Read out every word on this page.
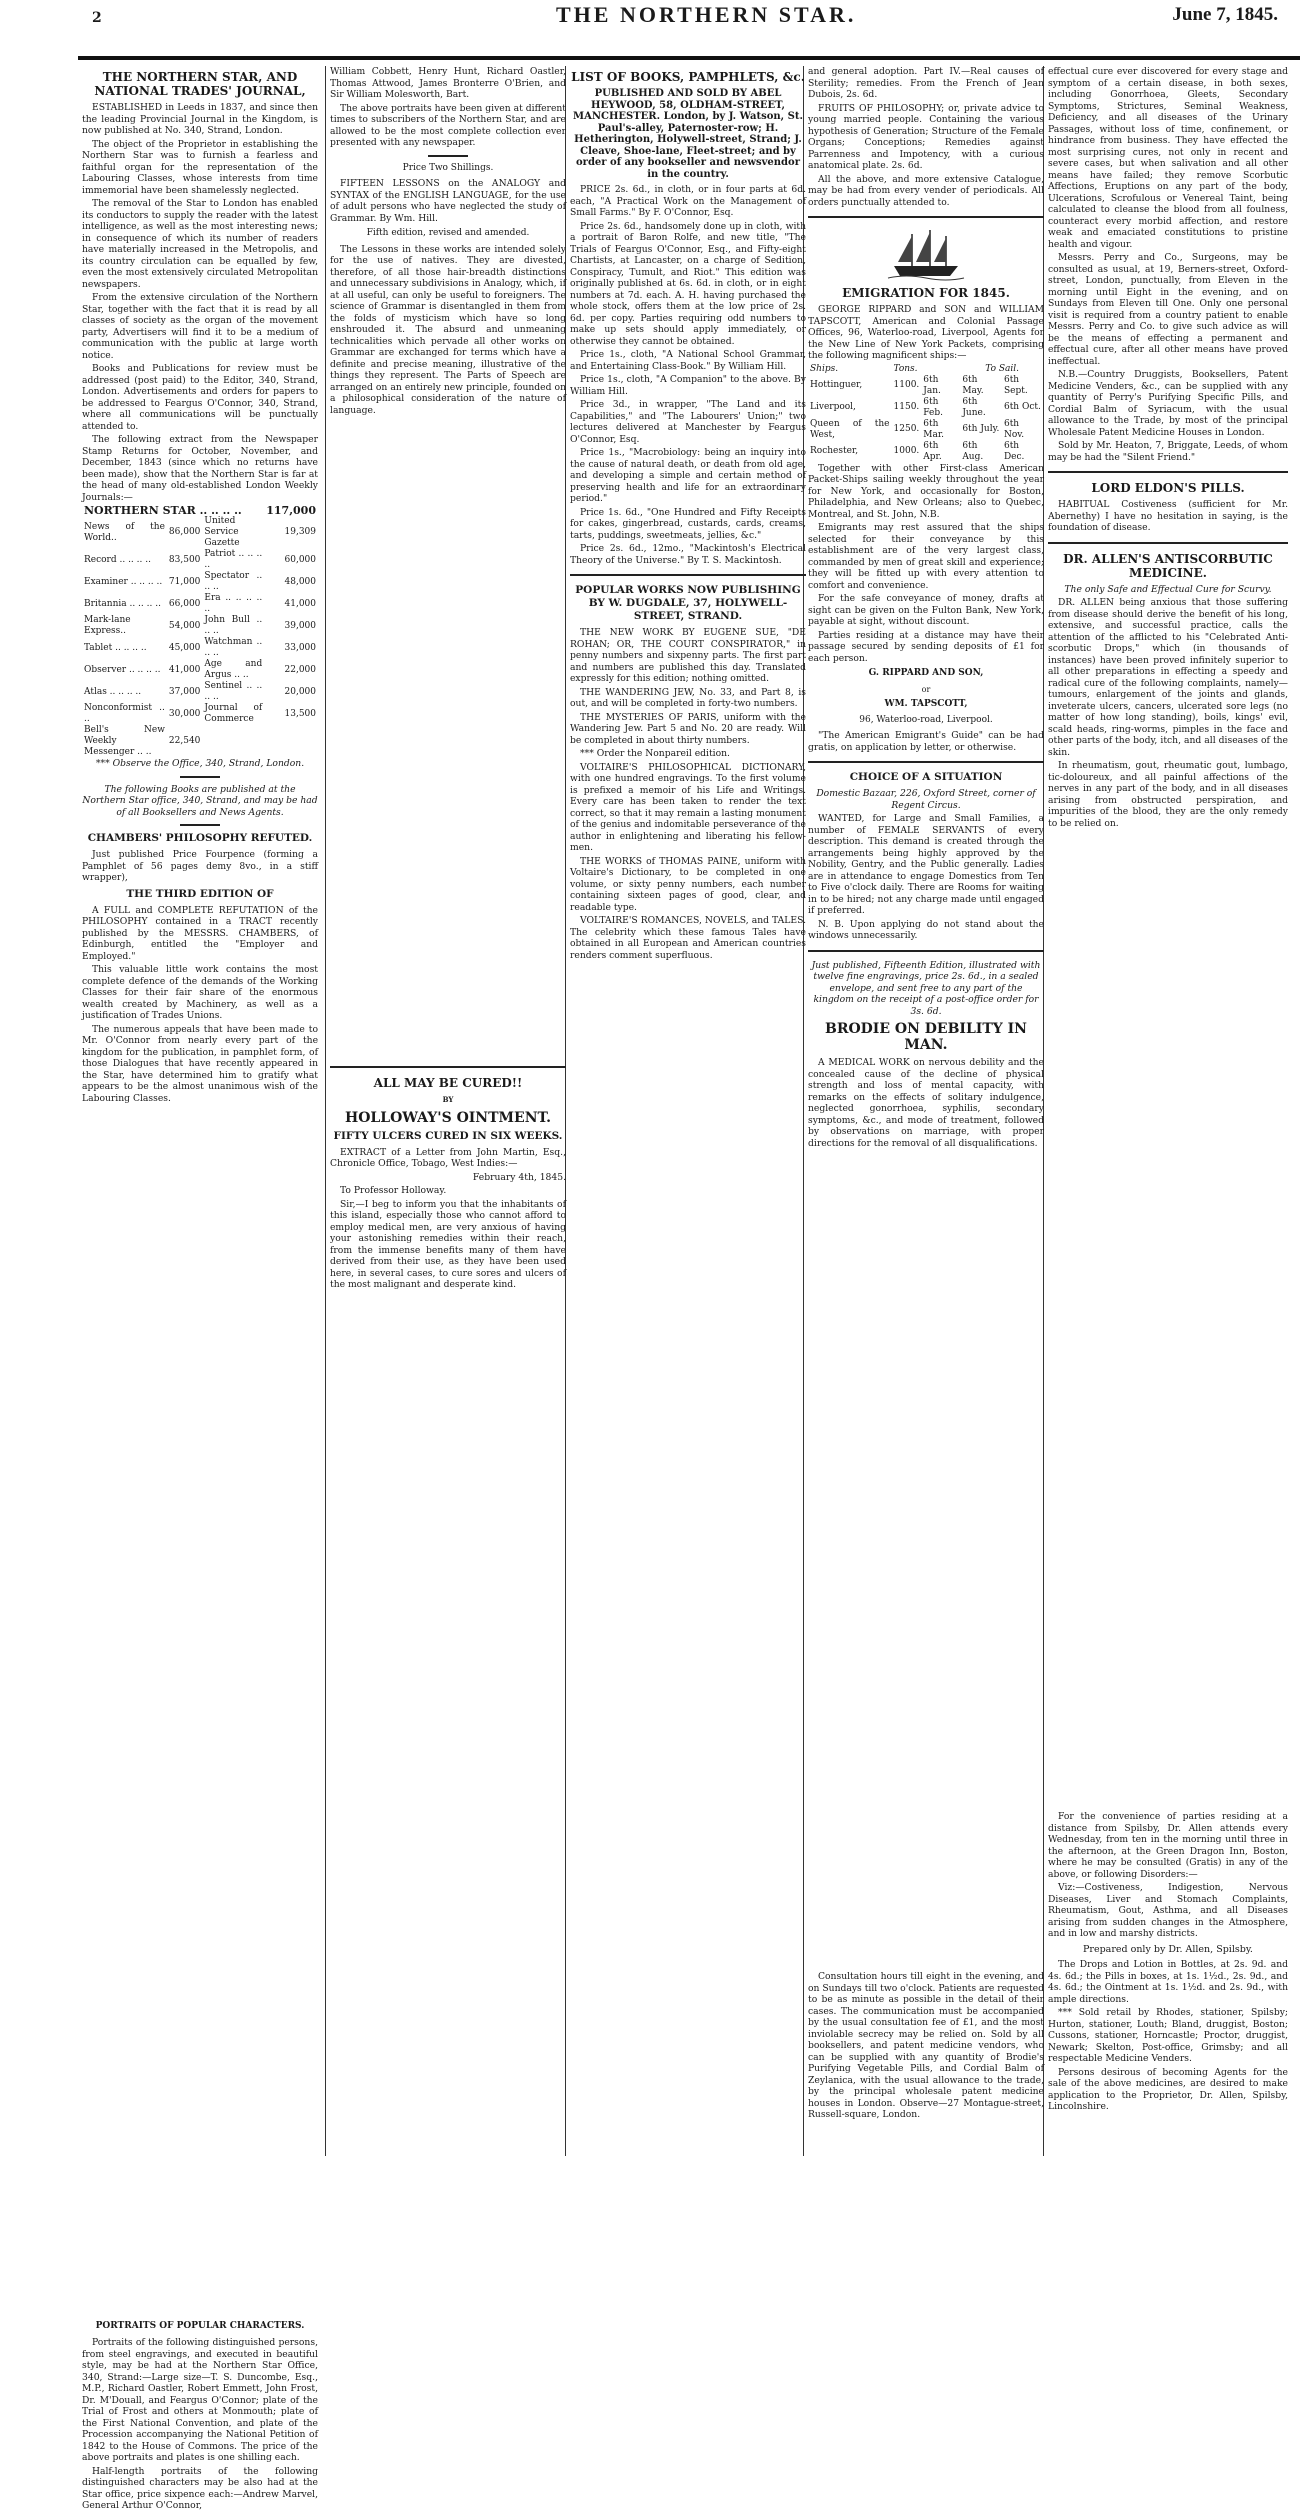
2	THE NORTHERN STAR.	June 7, 1845.

THE NORTHERN STAR, AND NATIONAL TRADES' JOURNAL,

ESTABLISHED in Leeds in 1837, and since then the leading Provincial Journal in the Kingdom, is now published at No. 340, Strand, London.

The object of the Proprietor in establishing the Northern Star was to furnish a fearless and faithful organ for the representation of the Labouring Classes, whose interests from time immemorial have been shamelessly neglected.

The removal of the Star to London has enabled its conductors to supply the reader with the latest intelligence, as well as the most interesting news; in consequence of which its number of readers have materially increased in the Metropolis, and its country circulation can be equalled by few, even the most extensively circulated Metropolitan newspapers.

From the extensive circulation of the Northern Star, together with the fact that it is read by all classes of society as the organ of the movement party, Advertisers will find it to be a medium of communication with the public at large worth notice.

Books and Publications for review must be addressed (post paid) to the Editor, 340, Strand, London. Advertisements and orders for papers to be addressed to Feargus O'Connor, 340, Strand, where all communications will be punctually attended to.

The following extract from the Newspaper Stamp Returns for October, November, and December, 1843 (since which no returns have been made), show that the Northern Star is far at the head of many old-established London Weekly Journals:—

NORTHERN STAR .. .. .. ..			117,000
News of the World..	86,000	United Service Gazette	19,309
Record .. .. .. ..	83,500	Patriot .. .. .. ..	60,000
Examiner .. .. .. ..	71,000	Spectator .. .. ..	48,000
Britannia .. .. .. ..	66,000	Era .. .. .. .. ..	41,000
Mark-lane Express..	54,000	John Bull .. .. ..	39,000
Tablet .. .. .. ..	45,000	Watchman .. .. ..	33,000
Observer .. .. .. ..	41,000	Age and Argus .. ..	22,000
Atlas .. .. .. ..	37,000	Sentinel .. .. .. ..	20,000
Nonconformist .. ..	30,000	Journal of Commerce	13,500
Bell's New Weekly Messenger .. ..	22,540		

*** Observe the Office, 340, Strand, London.

The following Books are published at the Northern Star office, 340, Strand, and may be had of all Booksellers and News Agents.

CHAMBERS' PHILOSOPHY REFUTED.

Just published Price Fourpence (forming a Pamphlet of 56 pages demy 8vo., in a stiff wrapper),

THE THIRD EDITION OF

A FULL and COMPLETE REFUTATION of the PHILOSOPHY contained in a TRACT recently published by the MESSRS. CHAMBERS, of Edinburgh, entitled the "Employer and Employed."

This valuable little work contains the most complete defence of the demands of the Working Classes for their fair share of the enormous wealth created by Machinery, as well as a justification of Trades Unions.

The numerous appeals that have been made to Mr. O'Connor from nearly every part of the kingdom for the publication, in pamphlet form, of those Dialogues that have recently appeared in the Star, have determined him to gratify what appears to be the almost unanimous wish of the Labouring Classes.

PORTRAITS OF POPULAR CHARACTERS.

Portraits of the following distinguished persons, from steel engravings, and executed in beautiful style, may be had at the Northern Star Office, 340, Strand:—Large size—T. S. Duncombe, Esq., M.P., Richard Oastler, Robert Emmett, John Frost, Dr. M'Douall, and Feargus O'Connor; plate of the Trial of Frost and others at Monmouth; plate of the First National Convention, and plate of the Procession accompanying the National Petition of 1842 to the House of Commons. The price of the above portraits and plates is one shilling each.

Half-length portraits of the following distinguished characters may be also had at the Star office, price sixpence each:—Andrew Marvel, General Arthur O'Connor,

William Cobbett, Henry Hunt, Richard Oastler, Thomas Attwood, James Bronterre O'Brien, and Sir William Molesworth, Bart.

The above portraits have been given at different times to subscribers of the Northern Star, and are allowed to be the most complete collection ever presented with any newspaper.

Price Two Shillings.

FIFTEEN LESSONS on the ANALOGY and SYNTAX of the ENGLISH LANGUAGE, for the use of adult persons who have neglected the study of Grammar. By Wm. Hill.

Fifth edition, revised and amended.

The Lessons in these works are intended solely for the use of natives. They are divested, therefore, of all those hair-breadth distinctions and unnecessary subdivisions in Analogy, which, if at all useful, can only be useful to foreigners. The science of Grammar is disentangled in them from the folds of mysticism which have so long enshrouded it. The absurd and unmeaning technicalities which pervade all other works on Grammar are exchanged for terms which have a definite and precise meaning, illustrative of the things they represent. The Parts of Speech are arranged on an entirely new principle, founded on a philosophical consideration of the nature of language.

ALL MAY BE CURED!!

BY

HOLLOWAY'S OINTMENT.

FIFTY ULCERS CURED IN SIX WEEKS.

EXTRACT of a Letter from John Martin, Esq., Chronicle Office, Tobago, West Indies:—

February 4th, 1845.

To Professor Holloway.

Sir,—I beg to inform you that the inhabitants of this island, especially those who cannot afford to employ medical men, are very anxious of having your astonishing remedies within their reach, from the immense benefits many of them have derived from their use, as they have been used here, in several cases, to cure sores and ulcers of the most malignant and desperate kind.

LIST OF BOOKS, PAMPHLETS, &c.

PUBLISHED AND SOLD BY ABEL HEYWOOD, 58, OLDHAM-STREET, MANCHESTER. London, by J. Watson, St. Paul's-alley, Paternoster-row; H. Hetherington, Holywell-street, Strand; J. Cleave, Shoe-lane, Fleet-street; and by order of any bookseller and newsvendor in the country.

PRICE 2s. 6d., in cloth, or in four parts at 6d. each, "A Practical Work on the Management of Small Farms." By F. O'Connor, Esq.

Price 2s. 6d., handsomely done up in cloth, with a portrait of Baron Rolfe, and new title, "The Trials of Feargus O'Connor, Esq., and Fifty-eight Chartists, at Lancaster, on a charge of Sedition, Conspiracy, Tumult, and Riot." This edition was originally published at 6s. 6d. in cloth, or in eight numbers at 7d. each. A. H. having purchased the whole stock, offers them at the low price of 2s. 6d. per copy. Parties requiring odd numbers to make up sets should apply immediately, or otherwise they cannot be obtained.

Price 1s., cloth, "A National School Grammar, and Entertaining Class-Book." By William Hill.

Price 1s., cloth, "A Companion" to the above. By William Hill.

Price 3d., in wrapper, "The Land and its Capabilities," and "The Labourers' Union;" two lectures delivered at Manchester by Feargus O'Connor, Esq.

Price 1s., "Macrobiology: being an inquiry into the cause of natural death, or death from old age, and developing a simple and certain method of preserving health and life for an extraordinary period."

Price 1s. 6d., "One Hundred and Fifty Receipts for cakes, gingerbread, custards, cards, creams, tarts, puddings, sweetmeats, jellies, &c."

Price 2s. 6d., 12mo., "Mackintosh's Electrical Theory of the Universe." By T. S. Mackintosh.

POPULAR WORKS NOW PUBLISHING BY W. DUGDALE, 37, HOLYWELL-STREET, STRAND.

THE NEW WORK BY EUGENE SUE, "DE ROHAN; OR, THE COURT CONSPIRATOR," in penny numbers and sixpenny parts. The first part and numbers are published this day. Translated expressly for this edition; nothing omitted.

THE WANDERING JEW, No. 33, and Part 8, is out, and will be completed in forty-two numbers.

THE MYSTERIES OF PARIS, uniform with the Wandering Jew. Part 5 and No. 20 are ready. Will be completed in about thirty numbers.

*** Order the Nonpareil edition.

VOLTAIRE'S PHILOSOPHICAL DICTIONARY, with one hundred engravings. To the first volume is prefixed a memoir of his Life and Writings. Every care has been taken to render the text correct, so that it may remain a lasting monument of the genius and indomitable perseverance of the author in enlightening and liberating his fellow-men.

THE WORKS of THOMAS PAINE, uniform with Voltaire's Dictionary, to be completed in one volume, or sixty penny numbers, each number containing sixteen pages of good, clear, and readable type.

VOLTAIRE'S ROMANCES, NOVELS, and TALES. The celebrity which these famous Tales have obtained in all European and American countries renders comment superfluous.

and general adoption. Part IV.—Real causes of Sterility; remedies. From the French of Jean Dubois, 2s. 6d.

FRUITS OF PHILOSOPHY; or, private advice to young married people. Containing the various hypothesis of Generation; Structure of the Female Organs; Conceptions; Remedies against Parrenness and Impotency, with a curious anatomical plate. 2s. 6d.

All the above, and more extensive Catalogue, may be had from every vender of periodicals. All orders punctually attended to.

EMIGRATION FOR 1845.

GEORGE RIPPARD and SON and WILLIAM TAPSCOTT, American and Colonial Passage Offices, 96, Waterloo-road, Liverpool, Agents for the New Line of New York Packets, comprising the following magnificent ships:—

Ships.	Tons.		To Sail.	
Hottinguer,	1100.	6th Jan.	6th May.	6th Sept.
Liverpool,	1150.	6th Feb.	6th June.	6th Oct.
Queen of the West,	1250.	6th Mar.	6th July.	6th Nov.
Rochester,	1000.	6th Apr.	6th Aug.	6th Dec.

Together with other First-class American Packet-Ships sailing weekly throughout the year for New York, and occasionally for Boston, Philadelphia, and New Orleans; also to Quebec, Montreal, and St. John, N.B.

Emigrants may rest assured that the ships selected for their conveyance by this establishment are of the very largest class, commanded by men of great skill and experience; they will be fitted up with every attention to comfort and convenience.

For the safe conveyance of money, drafts at sight can be given on the Fulton Bank, New York, payable at sight, without discount.

Parties residing at a distance may have their passage secured by sending deposits of £1 for each person.

G. RIPPARD AND SON,

or

WM. TAPSCOTT,

96, Waterloo-road, Liverpool.

"The American Emigrant's Guide" can be had gratis, on application by letter, or otherwise.

CHOICE OF A SITUATION

Domestic Bazaar, 226, Oxford Street, corner of Regent Circus.

WANTED, for Large and Small Families, a number of FEMALE SERVANTS of every description. This demand is created through the arrangements being highly approved by the Nobility, Gentry, and the Public generally. Ladies are in attendance to engage Domestics from Ten to Five o'clock daily. There are Rooms for waiting in to be hired; not any charge made until engaged if preferred.

N. B. Upon applying do not stand about the windows unnecessarily.

Just published, Fifteenth Edition, illustrated with twelve fine engravings, price 2s. 6d., in a sealed envelope, and sent free to any part of the kingdom on the receipt of a post-office order for 3s. 6d.

BRODIE ON DEBILITY IN MAN.

A MEDICAL WORK on nervous debility and the concealed cause of the decline of physical strength and loss of mental capacity, with remarks on the effects of solitary indulgence, neglected gonorrhoea, syphilis, secondary symptoms, &c., and mode of treatment, followed by observations on marriage, with proper directions for the removal of all disqualifications.

Consultation hours till eight in the evening, and on Sundays till two o'clock. Patients are requested to be as minute as possible in the detail of their cases. The communication must be accompanied by the usual consultation fee of £1, and the most inviolable secrecy may be relied on. Sold by all booksellers, and patent medicine vendors, who can be supplied with any quantity of Brodie's Purifying Vegetable Pills, and Cordial Balm of Zeylanica, with the usual allowance to the trade, by the principal wholesale patent medicine houses in London. Observe—27 Montague-street, Russell-square, London.

effectual cure ever discovered for every stage and symptom of a certain disease, in both sexes, including Gonorrhoea, Gleets, Secondary Symptoms, Strictures, Seminal Weakness, Deficiency, and all diseases of the Urinary Passages, without loss of time, confinement, or hindrance from business. They have effected the most surprising cures, not only in recent and severe cases, but when salivation and all other means have failed; they remove Scorbutic Affections, Eruptions on any part of the body, Ulcerations, Scrofulous or Venereal Taint, being calculated to cleanse the blood from all foulness, counteract every morbid affection, and restore weak and emaciated constitutions to pristine health and vigour.

Messrs. Perry and Co., Surgeons, may be consulted as usual, at 19, Berners-street, Oxford-street, London, punctually, from Eleven in the morning until Eight in the evening, and on Sundays from Eleven till One. Only one personal visit is required from a country patient to enable Messrs. Perry and Co. to give such advice as will be the means of effecting a permanent and effectual cure, after all other means have proved ineffectual.

N.B.—Country Druggists, Booksellers, Patent Medicine Venders, &c., can be supplied with any quantity of Perry's Purifying Specific Pills, and Cordial Balm of Syriacum, with the usual allowance to the Trade, by most of the principal Wholesale Patent Medicine Houses in London.

Sold by Mr. Heaton, 7, Briggate, Leeds, of whom may be had the "Silent Friend."

LORD ELDON'S PILLS.

HABITUAL Costiveness (sufficient for Mr. Abernethy) I have no hesitation in saying, is the foundation of disease.

DR. ALLEN'S ANTISCORBUTIC MEDICINE.

The only Safe and Effectual Cure for Scurvy.

DR. ALLEN being anxious that those suffering from disease should derive the benefit of his long, extensive, and successful practice, calls the attention of the afflicted to his "Celebrated Anti-scorbutic Drops," which (in thousands of instances) have been proved infinitely superior to all other preparations in effecting a speedy and radical cure of the following complaints, namely—tumours, enlargement of the joints and glands, inveterate ulcers, cancers, ulcerated sore legs (no matter of how long standing), boils, kings' evil, scald heads, ring-worms, pimples in the face and other parts of the body, itch, and all diseases of the skin.

In rheumatism, gout, rheumatic gout, lumbago, tic-doloureux, and all painful affections of the nerves in any part of the body, and in all diseases arising from obstructed perspiration, and impurities of the blood, they are the only remedy to be relied on.

For the convenience of parties residing at a distance from Spilsby, Dr. Allen attends every Wednesday, from ten in the morning until three in the afternoon, at the Green Dragon Inn, Boston, where he may be consulted (Gratis) in any of the above, or following Disorders:—

Viz:—Costiveness, Indigestion, Nervous Diseases, Liver and Stomach Complaints, Rheumatism, Gout, Asthma, and all Diseases arising from sudden changes in the Atmosphere, and in low and marshy districts.

Prepared only by Dr. Allen, Spilsby.

The Drops and Lotion in Bottles, at 2s. 9d. and 4s. 6d.; the Pills in boxes, at 1s. 1½d., 2s. 9d., and 4s. 6d.; the Ointment at 1s. 1½d. and 2s. 9d., with ample directions.

*** Sold retail by Rhodes, stationer, Spilsby; Hurton, stationer, Louth; Bland, druggist, Boston; Cussons, stationer, Horncastle; Proctor, druggist, Newark; Skelton, Post-office, Grimsby; and all respectable Medicine Venders.

Persons desirous of becoming Agents for the sale of the above medicines, are desired to make application to the Proprietor, Dr. Allen, Spilsby, Lincolnshire.
